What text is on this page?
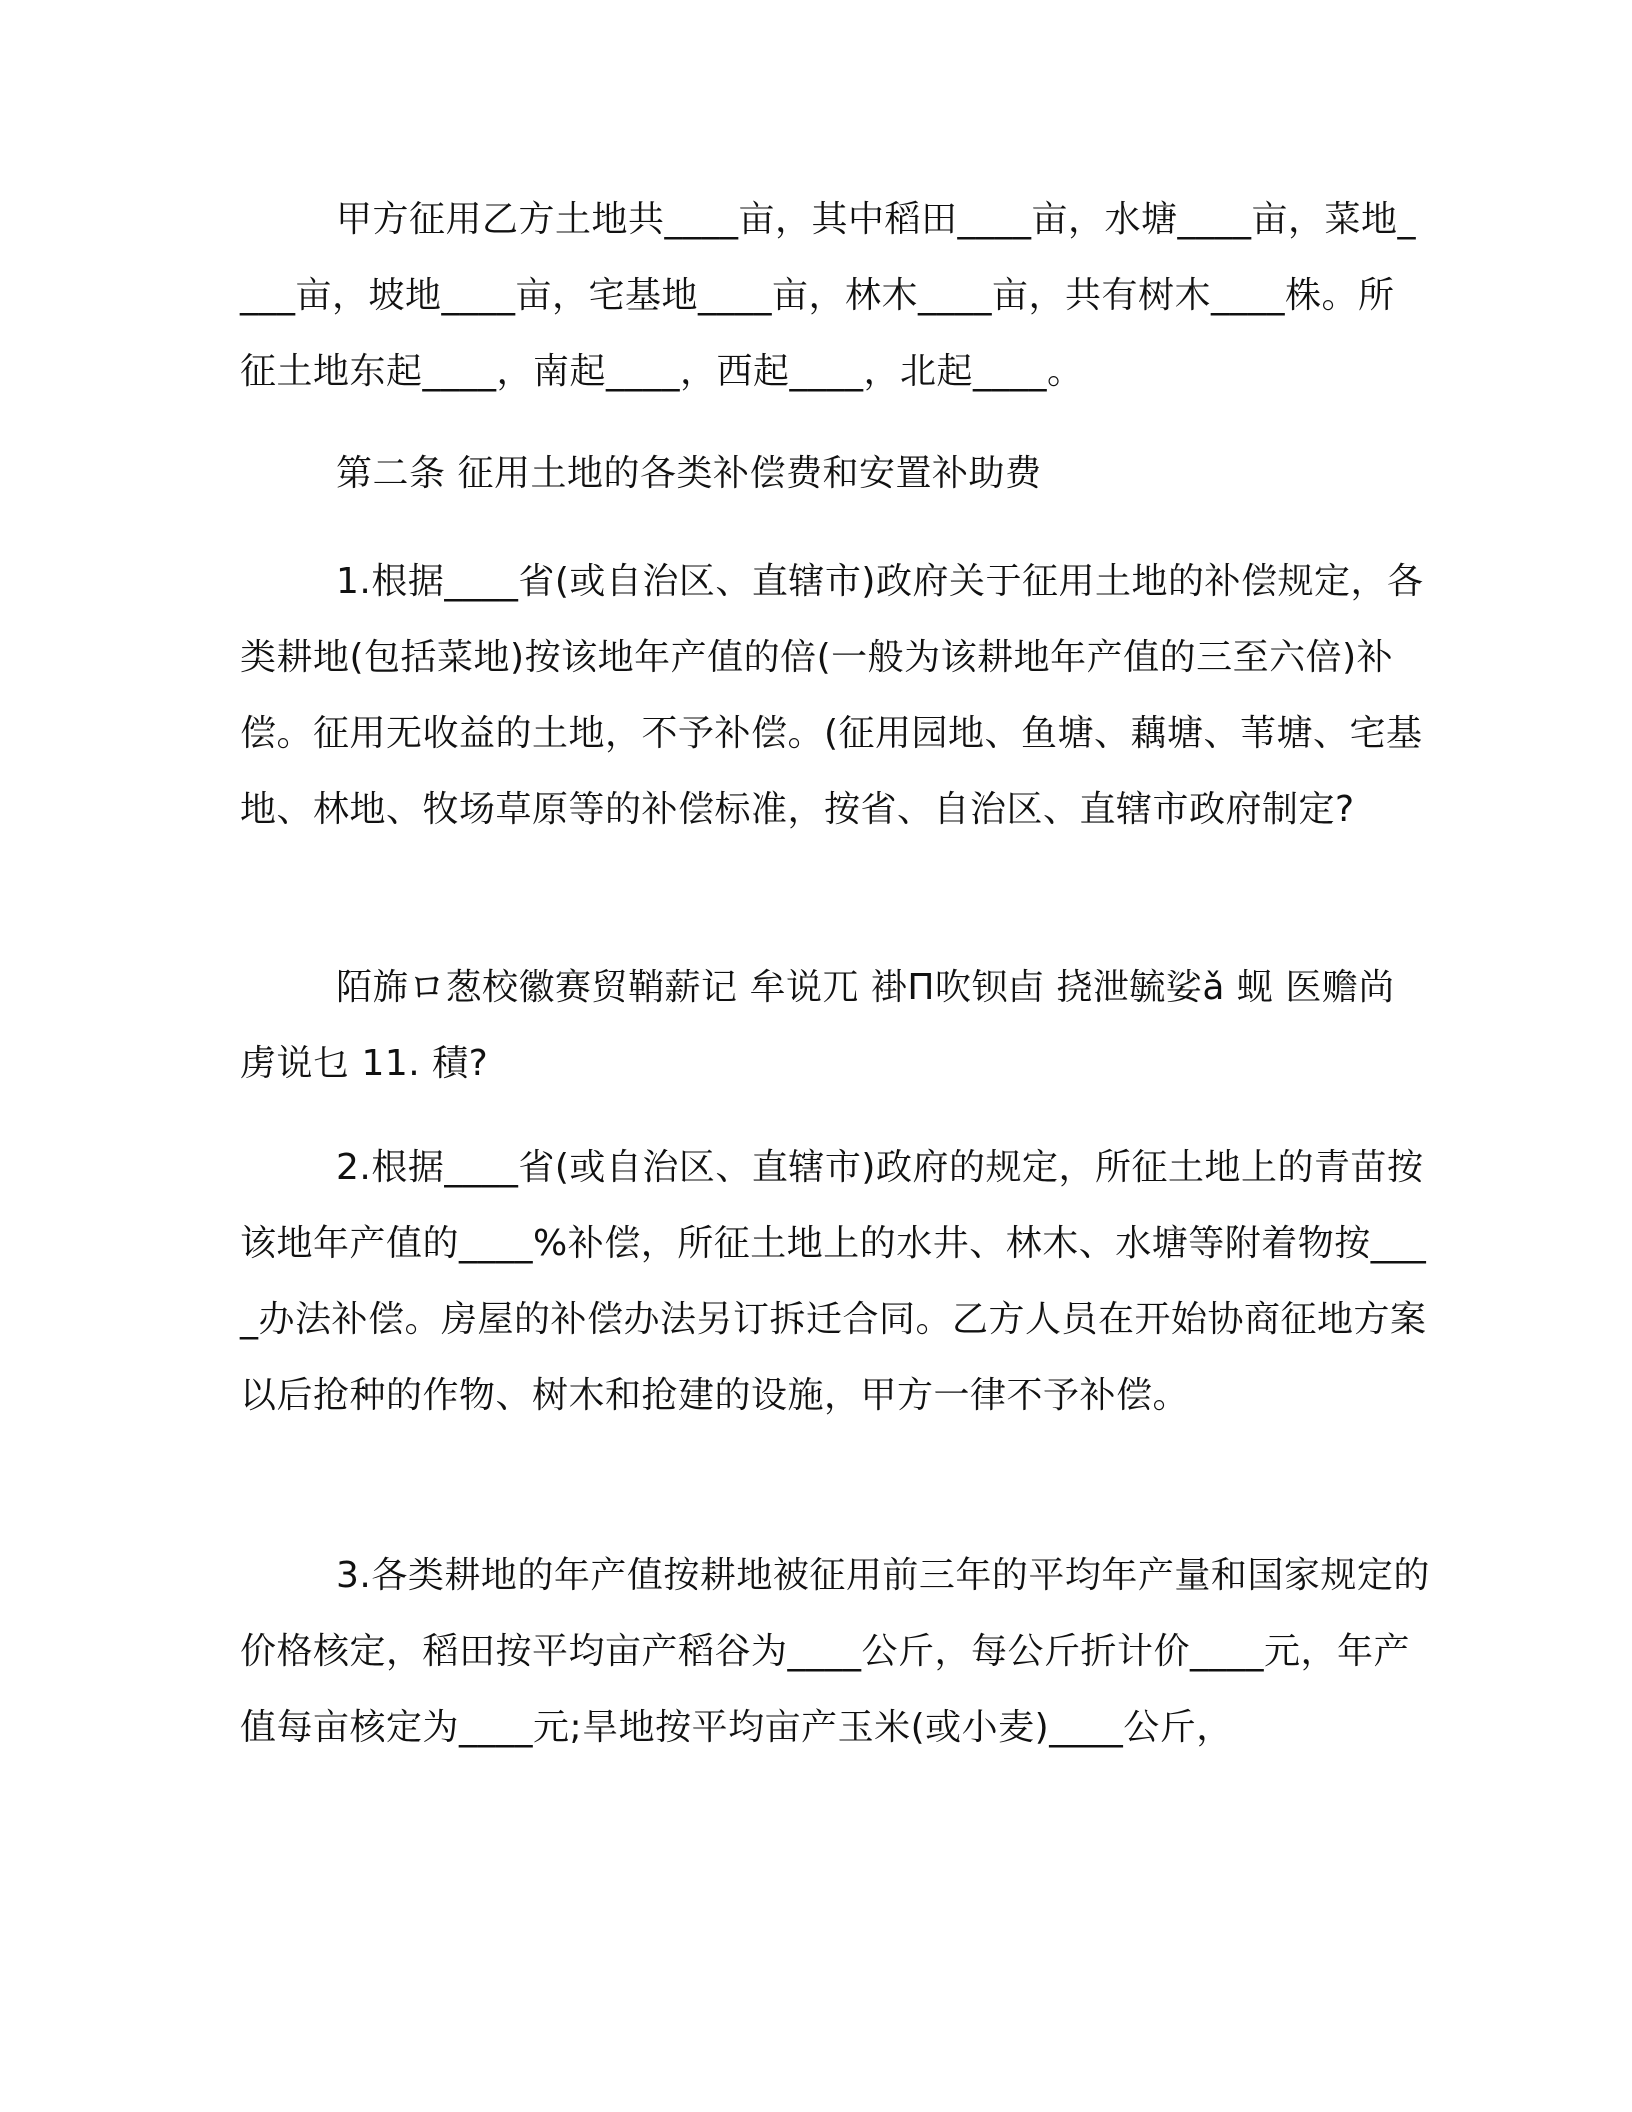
甲方征用乙方土地共____亩，其中稻田____亩，水塘____亩，菜地____亩，坡地____亩，宅基地____亩，林木____亩，共有树木____株。所征土地东起____，南起____，西起____，北起____。

第二条 征用土地的各类补偿费和安置补助费

1.根据____省(或自治区、直辖市)政府关于征用土地的补偿规定，各类耕地(包括菜地)按该地年产值的倍(一般为该耕地年产值的三至六倍)补偿。征用无收益的土地，不予补偿。(征用园地、鱼塘、藕塘、苇塘、宅基地、林地、牧场草原等的补偿标准，按省、自治区、直辖市政府制定?

陌旆ロ葱校徽赛贸鞘薪记 牟说兀 褂П吹钡卣 挠泄毓娑ǎ 蚬 医赡尚虏说乜 11. 積?

2.根据____省(或自治区、直辖市)政府的规定，所征土地上的青苗按该地年产值的____%补偿，所征土地上的水井、林木、水塘等附着物按____办法补偿。房屋的补偿办法另订拆迁合同。乙方人员在开始协商征地方案以后抢种的作物、树木和抢建的设施，甲方一律不予补偿。

3.各类耕地的年产值按耕地被征用前三年的平均年产量和国家规定的价格核定，稻田按平均亩产稻谷为____公斤，每公斤折计价____元，年产值每亩核定为____元;旱地按平均亩产玉米(或小麦)____公斤，
